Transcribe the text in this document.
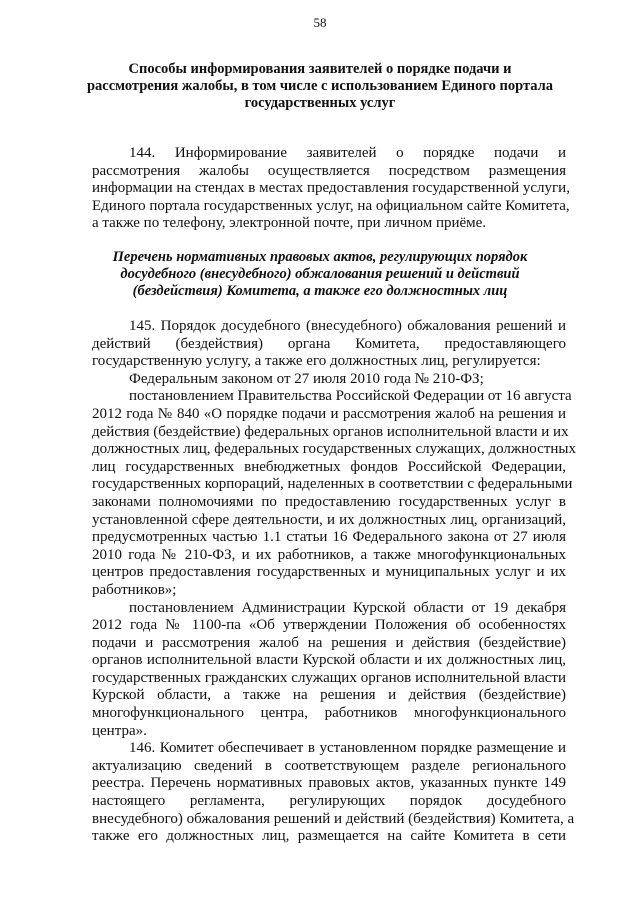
58
Способы информирования заявителей о порядке подачи и
рассмотрения жалобы, в том числе с использованием Единого портала
государственных услуг

144. Информирование заявителей о порядке подачи и
рассмотрения жалобы осуществляется посредством размещения
информации на стендах в местах предоставления государственной услуги,
Единого портала государственных услуг, на официальном сайте Комитета,
а также по телефону, электронной почте, при личном приёме.

Перечень нормативных правовых актов, регулирующих порядок
досудебного (внесудебного) обжалования решений и действий
(бездействия) Комитета, а также его должностных лиц

145. Порядок досудебного (внесудебного) обжалования решений и
действий (бездействия) органа Комитета, предоставляющего
государственную услугу, а также его должностных лиц, регулируется:
Федеральным законом от 27 июля 2010 года № 210-ФЗ;
постановлением Правительства Российской Федерации от 16 августа
2012 года № 840 «О порядке подачи и рассмотрения жалоб на решения и
действия (бездействие) федеральных органов исполнительной власти и их
должностных лиц, федеральных государственных служащих, должностных
лиц государственных внебюджетных фондов Российской Федерации,
государственных корпораций, наделенных в соответствии с федеральными
законами полномочиями по предоставлению государственных услуг в
установленной сфере деятельности, и их должностных лиц, организаций,
предусмотренных частью 1.1 статьи 16 Федерального закона от 27 июля
2010 года № 210-ФЗ, и их работников, а также многофункциональных
центров предоставления государственных и муниципальных услуг и их
работников»;
постановлением Администрации Курской области от 19 декабря
2012 года № 1100-па «Об утверждении Положения об особенностях
подачи и рассмотрения жалоб на решения и действия (бездействие)
органов исполнительной власти Курской области и их должностных лиц,
государственных гражданских служащих органов исполнительной власти
Курской области, а также на решения и действия (бездействие)
многофункционального центра, работников многофункционального
центра».
146. Комитет обеспечивает в установленном порядке размещение и
актуализацию сведений в соответствующем разделе регионального
реестра. Перечень нормативных правовых актов, указанных пункте 149
настоящего регламента, регулирующих порядок досудебного
внесудебного) обжалования решений и действий (бездействия) Комитета, а
также его должностных лиц, размещается на сайте Комитета в сети
